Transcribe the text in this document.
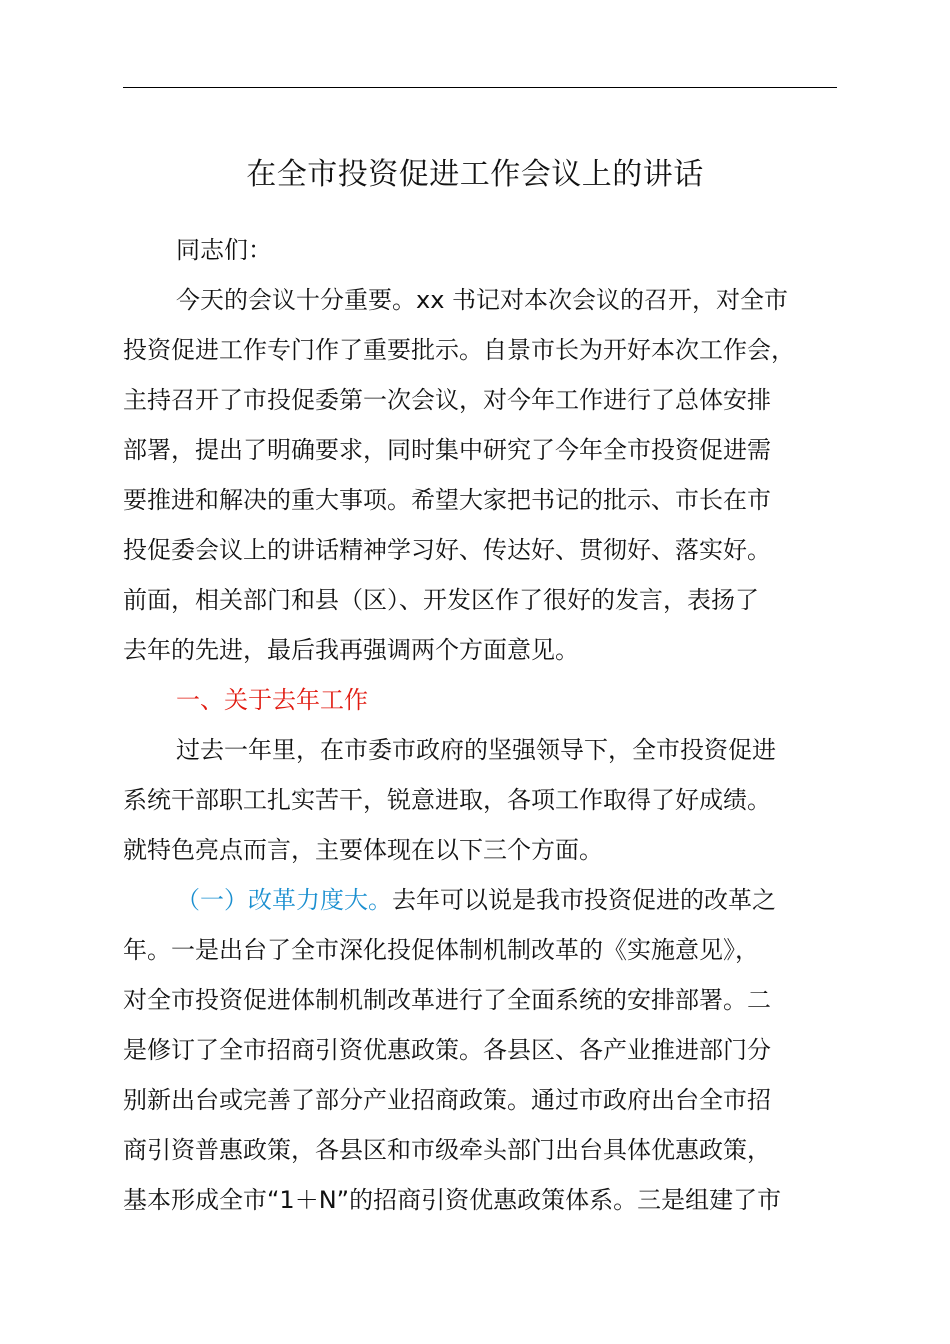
在全市投资促进工作会议上的讲话
同志们：
今天的会议十分重要。xx 书记对本次会议的召开，对全市
投资促进工作专门作了重要批示。自景市长为开好本次工作会，
主持召开了市投促委第一次会议，对今年工作进行了总体安排
部署，提出了明确要求，同时集中研究了今年全市投资促进需
要推进和解决的重大事项。希望大家把书记的批示、市长在市
投促委会议上的讲话精神学习好、传达好、贯彻好、落实好。
前面，相关部门和县（区）、开发区作了很好的发言，表扬了
去年的先进，最后我再强调两个方面意见。
一、关于去年工作
过去一年里，在市委市政府的坚强领导下，全市投资促进
系统干部职工扎实苦干，锐意进取，各项工作取得了好成绩。
就特色亮点而言，主要体现在以下三个方面。
（一）改革力度大。去年可以说是我市投资促进的改革之
年。一是出台了全市深化投促体制机制改革的《实施意见》，
对全市投资促进体制机制改革进行了全面系统的安排部署。二
是修订了全市招商引资优惠政策。各县区、各产业推进部门分
别新出台或完善了部分产业招商政策。通过市政府出台全市招
商引资普惠政策，各县区和市级牵头部门出台具体优惠政策，
基本形成全市“1＋N”的招商引资优惠政策体系。三是组建了市
